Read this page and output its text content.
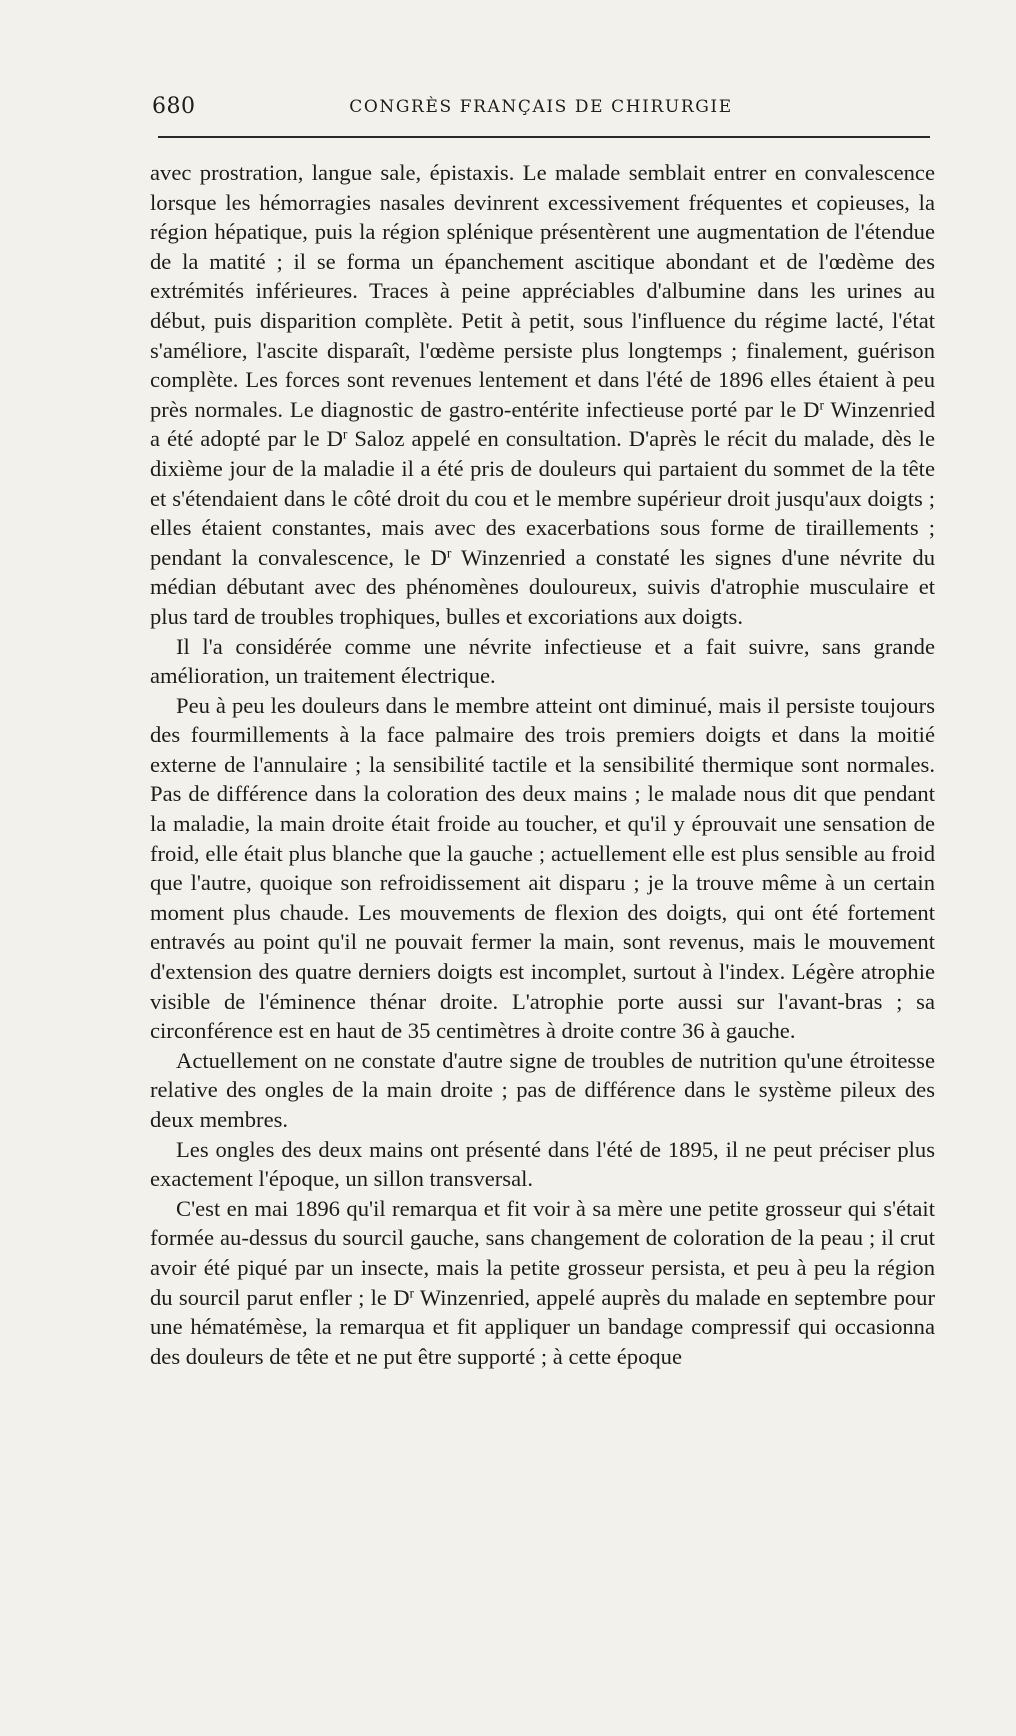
680	CONGRÈS FRANÇAIS DE CHIRURGIE

avec prostration, langue sale, épistaxis. Le malade semblait entrer en convalescence lorsque les hémorragies nasales devinrent excessivement fréquentes et copieuses, la région hépatique, puis la région splénique présentèrent une augmentation de l'étendue de la matité ; il se forma un épanchement ascitique abondant et de l'œdème des extrémités inférieures. Traces à peine appréciables d'albumine dans les urines au début, puis disparition complète. Petit à petit, sous l'influence du régime lacté, l'état s'améliore, l'ascite disparaît, l'œdème persiste plus longtemps ; finalement, guérison complète. Les forces sont revenues lentement et dans l'été de 1896 elles étaient à peu près normales. Le diagnostic de gastro-entérite infectieuse porté par le $D^r$ Winzenried a été adopté par le $D^r$ Saloz appelé en consultation. D'après le récit du malade, dès le dixième jour de la maladie il a été pris de douleurs qui partaient du sommet de la tête et s'étendaient dans le côté droit du cou et le membre supérieur droit jusqu'aux doigts ; elles étaient constantes, mais avec des exacerbations sous forme de tiraillements ; pendant la convalescence, le $D^r$ Winzenried a constaté les signes d'une névrite du médian débutant avec des phénomènes douloureux, suivis d'atrophie musculaire et plus tard de troubles trophiques, bulles et excoriations aux doigts.

Il l'a considérée comme une névrite infectieuse et a fait suivre, sans grande amélioration, un traitement électrique.

Peu à peu les douleurs dans le membre atteint ont diminué, mais il persiste toujours des fourmillements à la face palmaire des trois premiers doigts et dans la moitié externe de l'annulaire ; la sensibilité tactile et la sensibilité thermique sont normales. Pas de différence dans la coloration des deux mains ; le malade nous dit que pendant la maladie, la main droite était froide au toucher, et qu'il y éprouvait une sensation de froid, elle était plus blanche que la gauche ; actuellement elle est plus sensible au froid que l'autre, quoique son refroidissement ait disparu ; je la trouve même à un certain moment plus chaude. Les mouvements de flexion des doigts, qui ont été fortement entravés au point qu'il ne pouvait fermer la main, sont revenus, mais le mouvement d'extension des quatre derniers doigts est incomplet, surtout à l'index. Légère atrophie visible de l'éminence thénar droite. L'atrophie porte aussi sur l'avant-bras ; sa circonférence est en haut de 35 centimètres à droite contre 36 à gauche.

Actuellement on ne constate d'autre signe de troubles de nutrition qu'une étroitesse relative des ongles de la main droite ; pas de différence dans le système pileux des deux membres.

Les ongles des deux mains ont présenté dans l'été de 1895, il ne peut préciser plus exactement l'époque, un sillon transversal.

C'est en mai 1896 qu'il remarqua et fit voir à sa mère une petite grosseur qui s'était formée au-dessus du sourcil gauche, sans changement de coloration de la peau ; il crut avoir été piqué par un insecte, mais la petite grosseur persista, et peu à peu la région du sourcil parut enfler ; le $D^r$ Winzenried, appelé auprès du malade en septembre pour une hématémèse, la remarqua et fit appliquer un bandage compressif qui occasionna des douleurs de tête et ne put être supporté ; à cette époque
